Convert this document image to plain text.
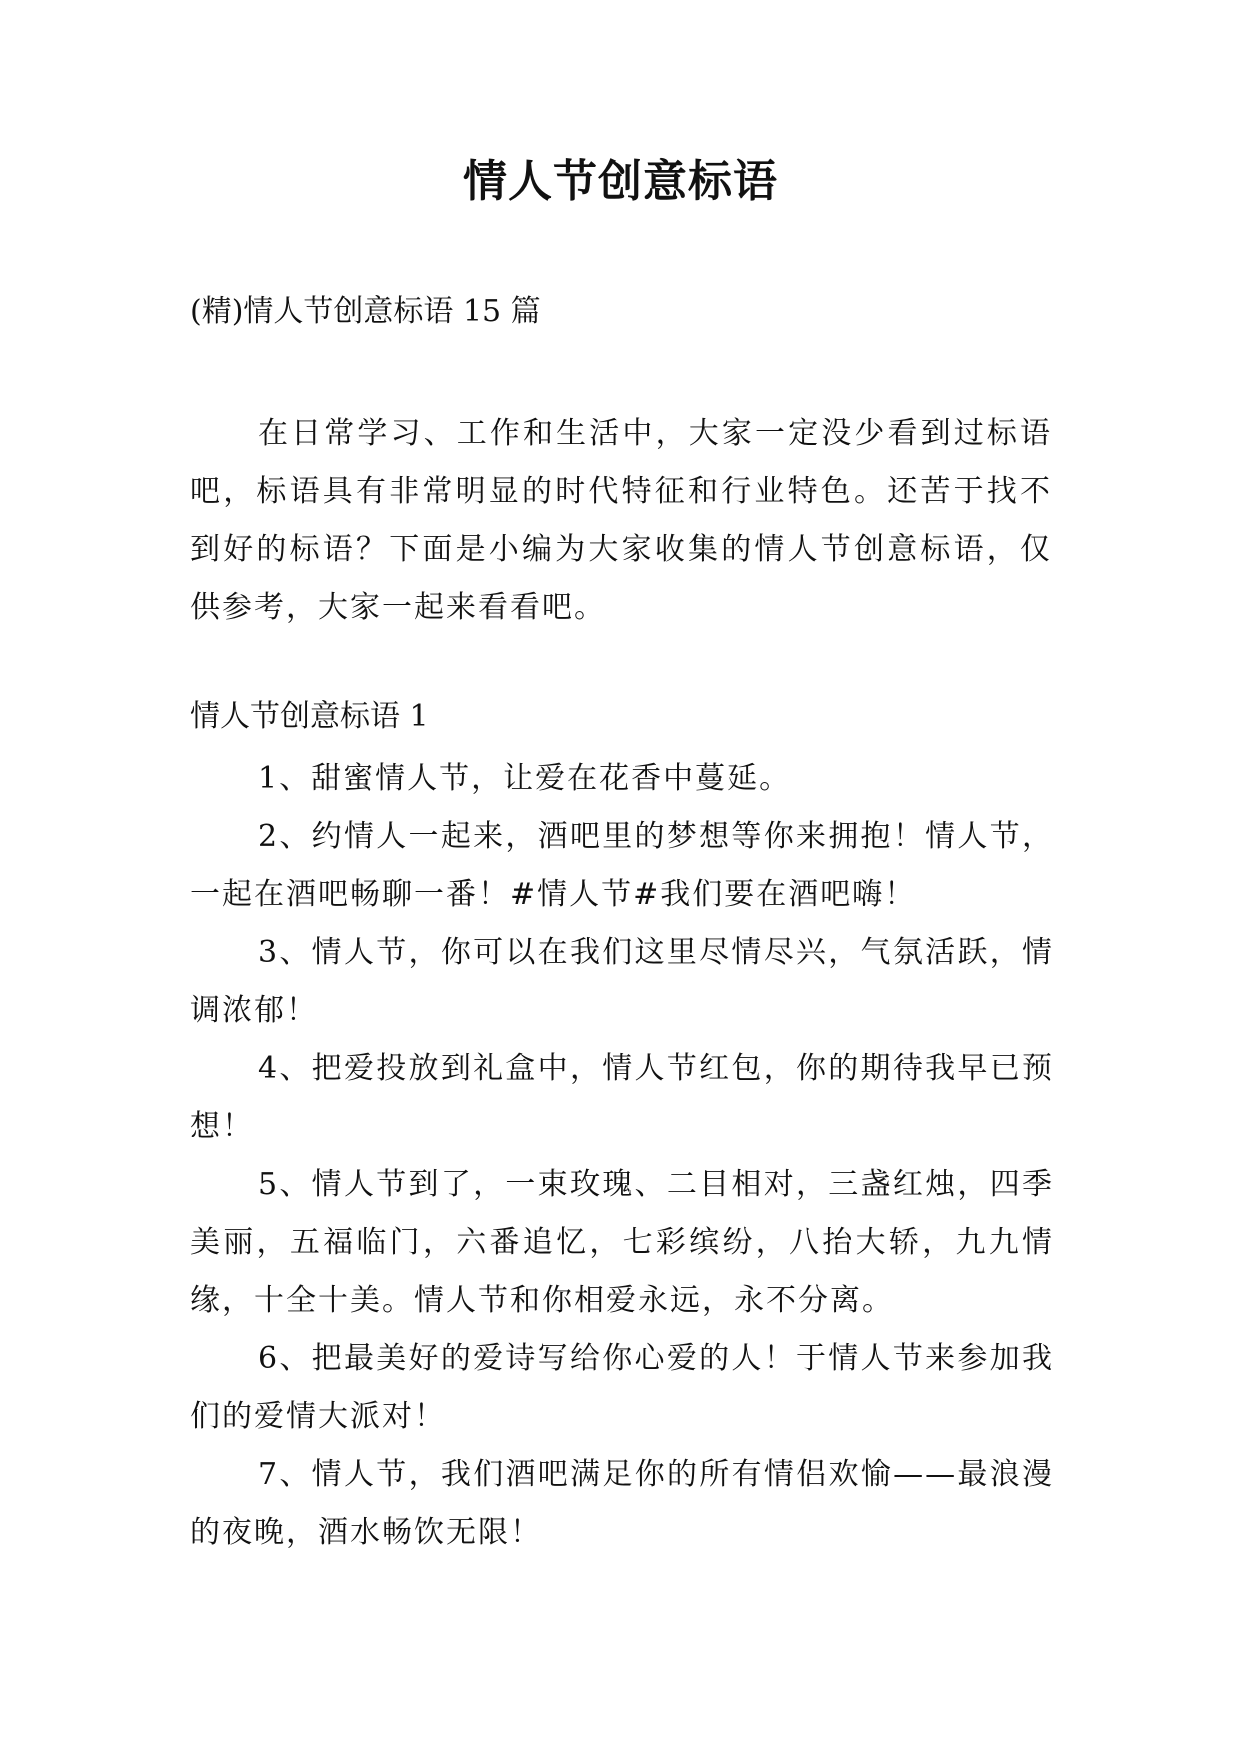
情人节创意标语

(精)情人节创意标语 15 篇

在日常学习、工作和生活中，大家一定没少看到过标语吧，标语具有非常明显的时代特征和行业特色。还苦于找不到好的标语？下面是小编为大家收集的情人节创意标语，仅供参考，大家一起来看看吧。

情人节创意标语 1

1、甜蜜情人节，让爱在花香中蔓延。
2、约情人一起来，酒吧里的梦想等你来拥抱！情人节，一起在酒吧畅聊一番！#情人节#我们要在酒吧嗨！
3、情人节，你可以在我们这里尽情尽兴，气氛活跃，情调浓郁！
4、把爱投放到礼盒中，情人节红包，你的期待我早已预想！
5、情人节到了，一束玫瑰、二目相对，三盏红烛，四季美丽，五福临门，六番追忆，七彩缤纷，八抬大轿，九九情缘，十全十美。情人节和你相爱永远，永不分离。
6、把最美好的爱诗写给你心爱的人！于情人节来参加我们的爱情大派对！
7、情人节，我们酒吧满足你的所有情侣欢愉——最浪漫的夜晚，酒水畅饮无限！
